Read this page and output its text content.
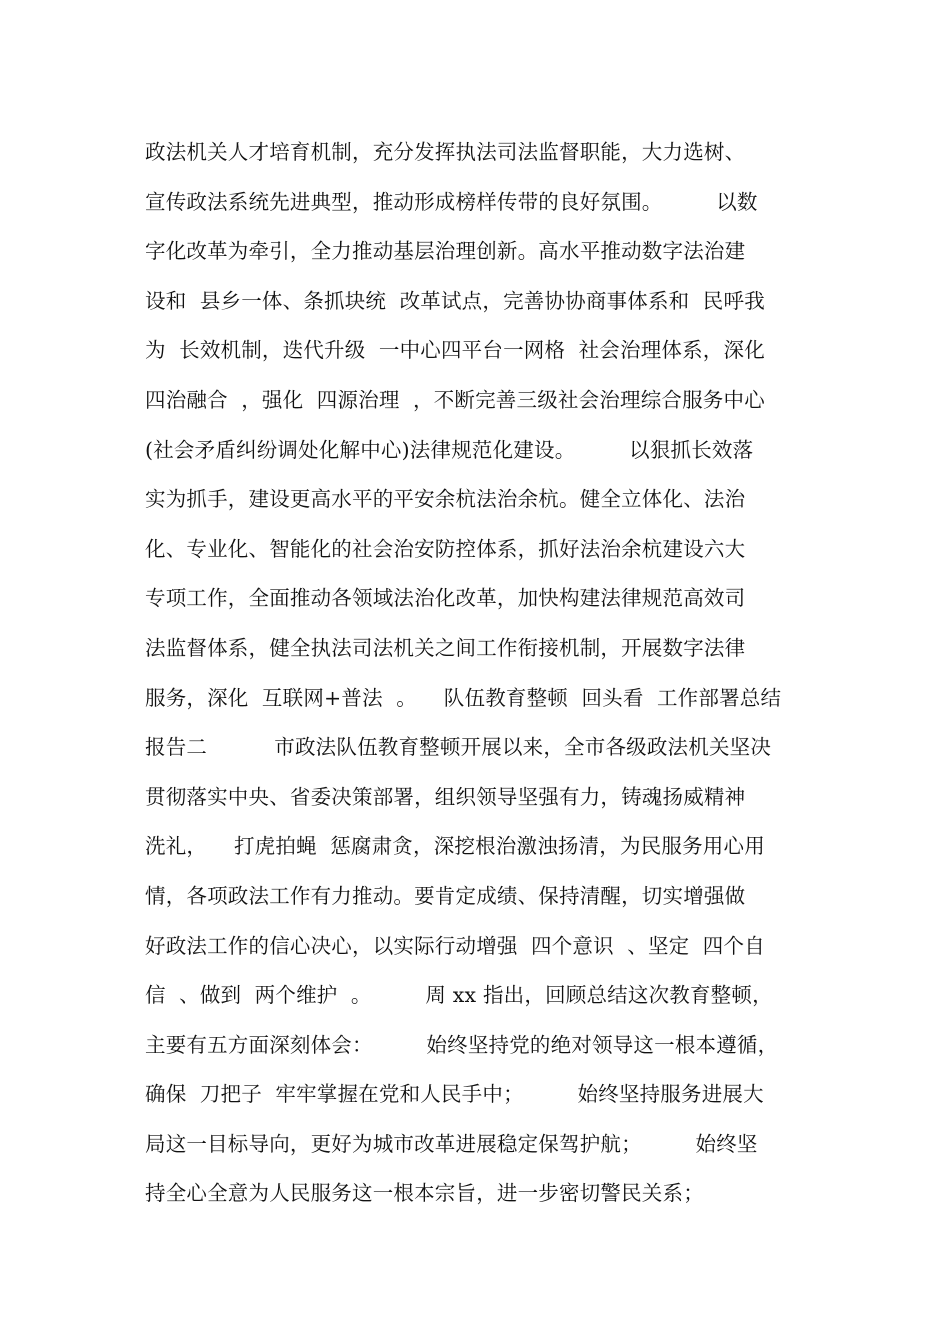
政法机关人才培育机制，充分发挥执法司法监督职能，大力选树、
宣传政法系统先进典型，推动形成榜样传带的良好氛围。        以数
字化改革为牵引，全力推动基层治理创新。高水平推动数字法治建
设和  县乡一体、条抓块统  改革试点，完善协协商事体系和  民呼我
为  长效机制，迭代升级  一中心四平台一网格  社会治理体系，深化
四治融合  ，强化  四源治理  ，不断完善三级社会治理综合服务中心
(社会矛盾纠纷调处化解中心)法律规范化建设。        以狠抓长效落
实为抓手，建设更高水平的平安余杭法治余杭。健全立体化、法治
化、专业化、智能化的社会治安防控体系，抓好法治余杭建设六大
专项工作，全面推动各领域法治化改革，加快构建法律规范高效司
法监督体系，健全执法司法机关之间工作衔接机制，开展数字法律
服务，深化  互联网+普法  。    队伍教育整顿  回头看  工作部署总结
报告二          市政法队伍教育整顿开展以来，全市各级政法机关坚决
贯彻落实中央、省委决策部署，组织领导坚强有力，铸魂扬威精神
洗礼，    打虎拍蝇  惩腐肃贪，深挖根治激浊扬清，为民服务用心用
情，各项政法工作有力推动。要肯定成绩、保持清醒，切实增强做
好政法工作的信心决心，以实际行动增强  四个意识  、坚定  四个自
信  、做到  两个维护  。        周 xx 指出，回顾总结这次教育整顿，
主要有五方面深刻体会：        始终坚持党的绝对领导这一根本遵循，
确保  刀把子  牢牢掌握在党和人民手中；        始终坚持服务进展大
局这一目标导向，更好为城市改革进展稳定保驾护航；        始终坚
持全心全意为人民服务这一根本宗旨，进一步密切警民关系；
